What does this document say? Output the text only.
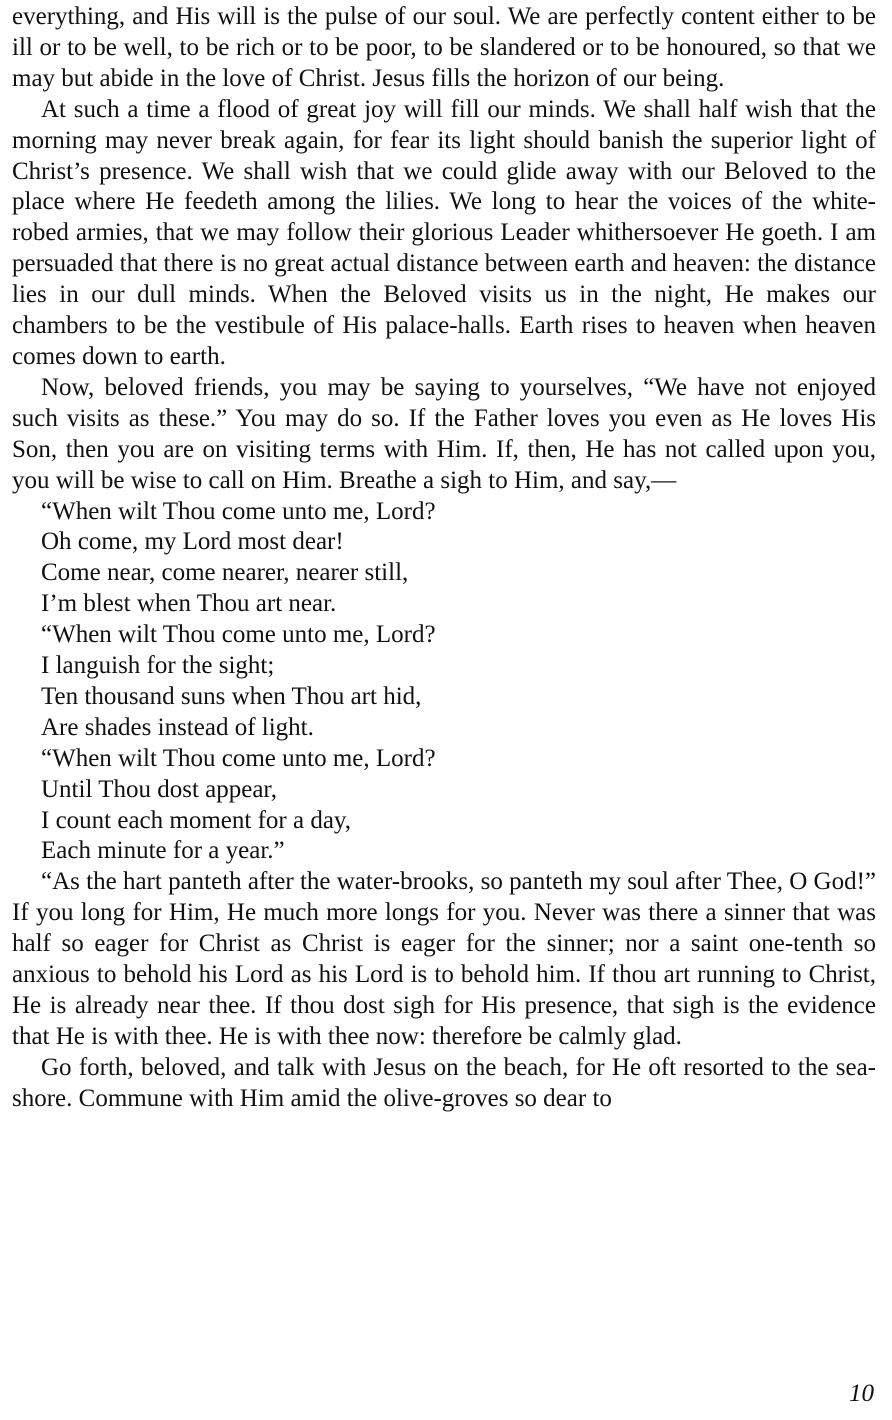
everything, and His will is the pulse of our soul. We are perfectly content either to be ill or to be well, to be rich or to be poor, to be slandered or to be honoured, so that we may but abide in the love of Christ. Jesus fills the horizon of our being.

At such a time a flood of great joy will fill our minds. We shall half wish that the morning may never break again, for fear its light should banish the superior light of Christ’s presence. We shall wish that we could glide away with our Beloved to the place where He feedeth among the lilies. We long to hear the voices of the white-robed armies, that we may follow their glorious Leader whithersoever He goeth. I am persuaded that there is no great actual distance between earth and heaven: the distance lies in our dull minds. When the Beloved visits us in the night, He makes our chambers to be the vestibule of His palace-halls. Earth rises to heaven when heaven comes down to earth.

Now, beloved friends, you may be saying to yourselves, “We have not enjoyed such visits as these.” You may do so. If the Father loves you even as He loves His Son, then you are on visiting terms with Him. If, then, He has not called upon you, you will be wise to call on Him. Breathe a sigh to Him, and say,—

“When wilt Thou come unto me, Lord?

Oh come, my Lord most dear!

Come near, come nearer, nearer still,

I’m blest when Thou art near.

“When wilt Thou come unto me, Lord?

I languish for the sight;

Ten thousand suns when Thou art hid,

Are shades instead of light.

“When wilt Thou come unto me, Lord?

Until Thou dost appear,

I count each moment for a day,

Each minute for a year.”

“As the hart panteth after the water-brooks, so panteth my soul after Thee, O God!” If you long for Him, He much more longs for you. Never was there a sinner that was half so eager for Christ as Christ is eager for the sinner; nor a saint one-tenth so anxious to behold his Lord as his Lord is to behold him. If thou art running to Christ, He is already near thee. If thou dost sigh for His presence, that sigh is the evidence that He is with thee. He is with thee now: therefore be calmly glad.

Go forth, beloved, and talk with Jesus on the beach, for He oft resorted to the sea-shore. Commune with Him amid the olive-groves so dear to

10
